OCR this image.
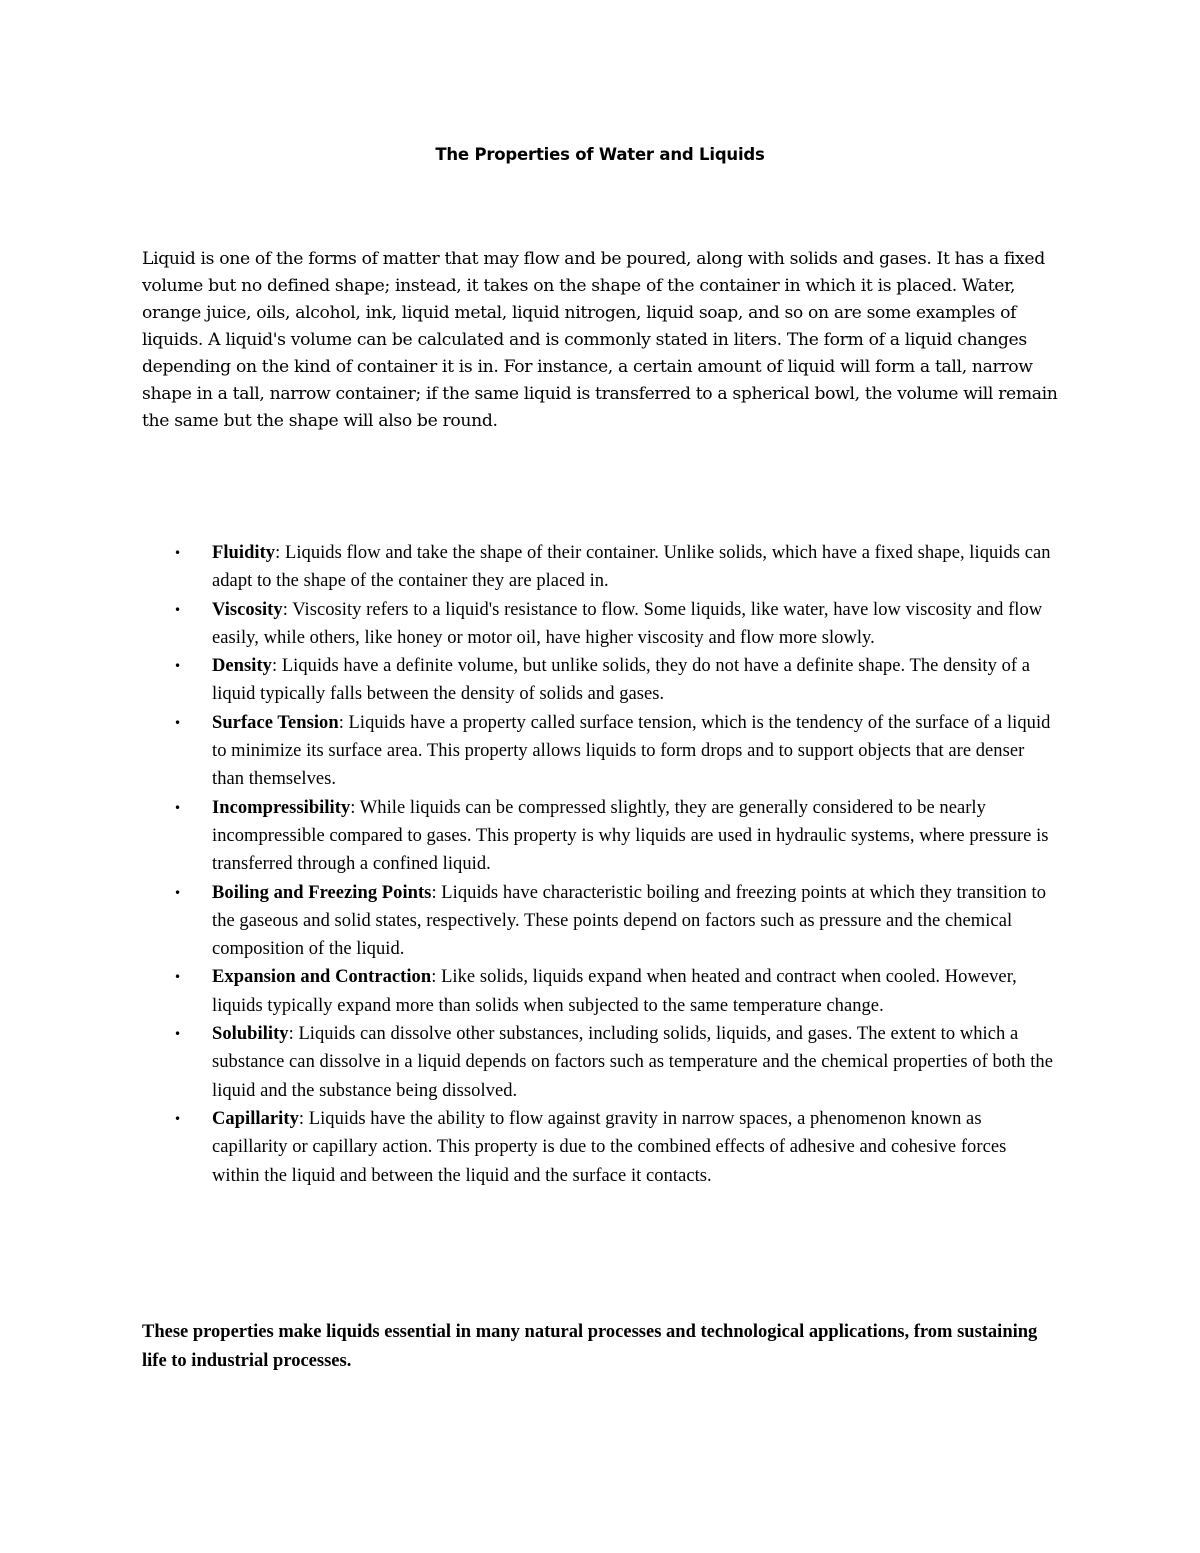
The Properties of Water and Liquids

Liquid is one of the forms of matter that may flow and be poured, along with solids and gases. It has a fixed volume but no defined shape; instead, it takes on the shape of the container in which it is placed. Water, orange juice, oils, alcohol, ink, liquid metal, liquid nitrogen, liquid soap, and so on are some examples of liquids. A liquid's volume can be calculated and is commonly stated in liters. The form of a liquid changes depending on the kind of container it is in. For instance, a certain amount of liquid will form a tall, narrow shape in a tall, narrow container; if the same liquid is transferred to a spherical bowl, the volume will remain the same but the shape will also be round.

• Fluidity: Liquids flow and take the shape of their container. Unlike solids, which have a fixed shape, liquids can adapt to the shape of the container they are placed in.
• Viscosity: Viscosity refers to a liquid's resistance to flow. Some liquids, like water, have low viscosity and flow easily, while others, like honey or motor oil, have higher viscosity and flow more slowly.
• Density: Liquids have a definite volume, but unlike solids, they do not have a definite shape. The density of a liquid typically falls between the density of solids and gases.
• Surface Tension: Liquids have a property called surface tension, which is the tendency of the surface of a liquid to minimize its surface area. This property allows liquids to form drops and to support objects that are denser than themselves.
• Incompressibility: While liquids can be compressed slightly, they are generally considered to be nearly incompressible compared to gases. This property is why liquids are used in hydraulic systems, where pressure is transferred through a confined liquid.
• Boiling and Freezing Points: Liquids have characteristic boiling and freezing points at which they transition to the gaseous and solid states, respectively. These points depend on factors such as pressure and the chemical composition of the liquid.
• Expansion and Contraction: Like solids, liquids expand when heated and contract when cooled. However, liquids typically expand more than solids when subjected to the same temperature change.
• Solubility: Liquids can dissolve other substances, including solids, liquids, and gases. The extent to which a substance can dissolve in a liquid depends on factors such as temperature and the chemical properties of both the liquid and the substance being dissolved.
• Capillarity: Liquids have the ability to flow against gravity in narrow spaces, a phenomenon known as capillarity or capillary action. This property is due to the combined effects of adhesive and cohesive forces within the liquid and between the liquid and the surface it contacts.

These properties make liquids essential in many natural processes and technological applications, from sustaining life to industrial processes.
